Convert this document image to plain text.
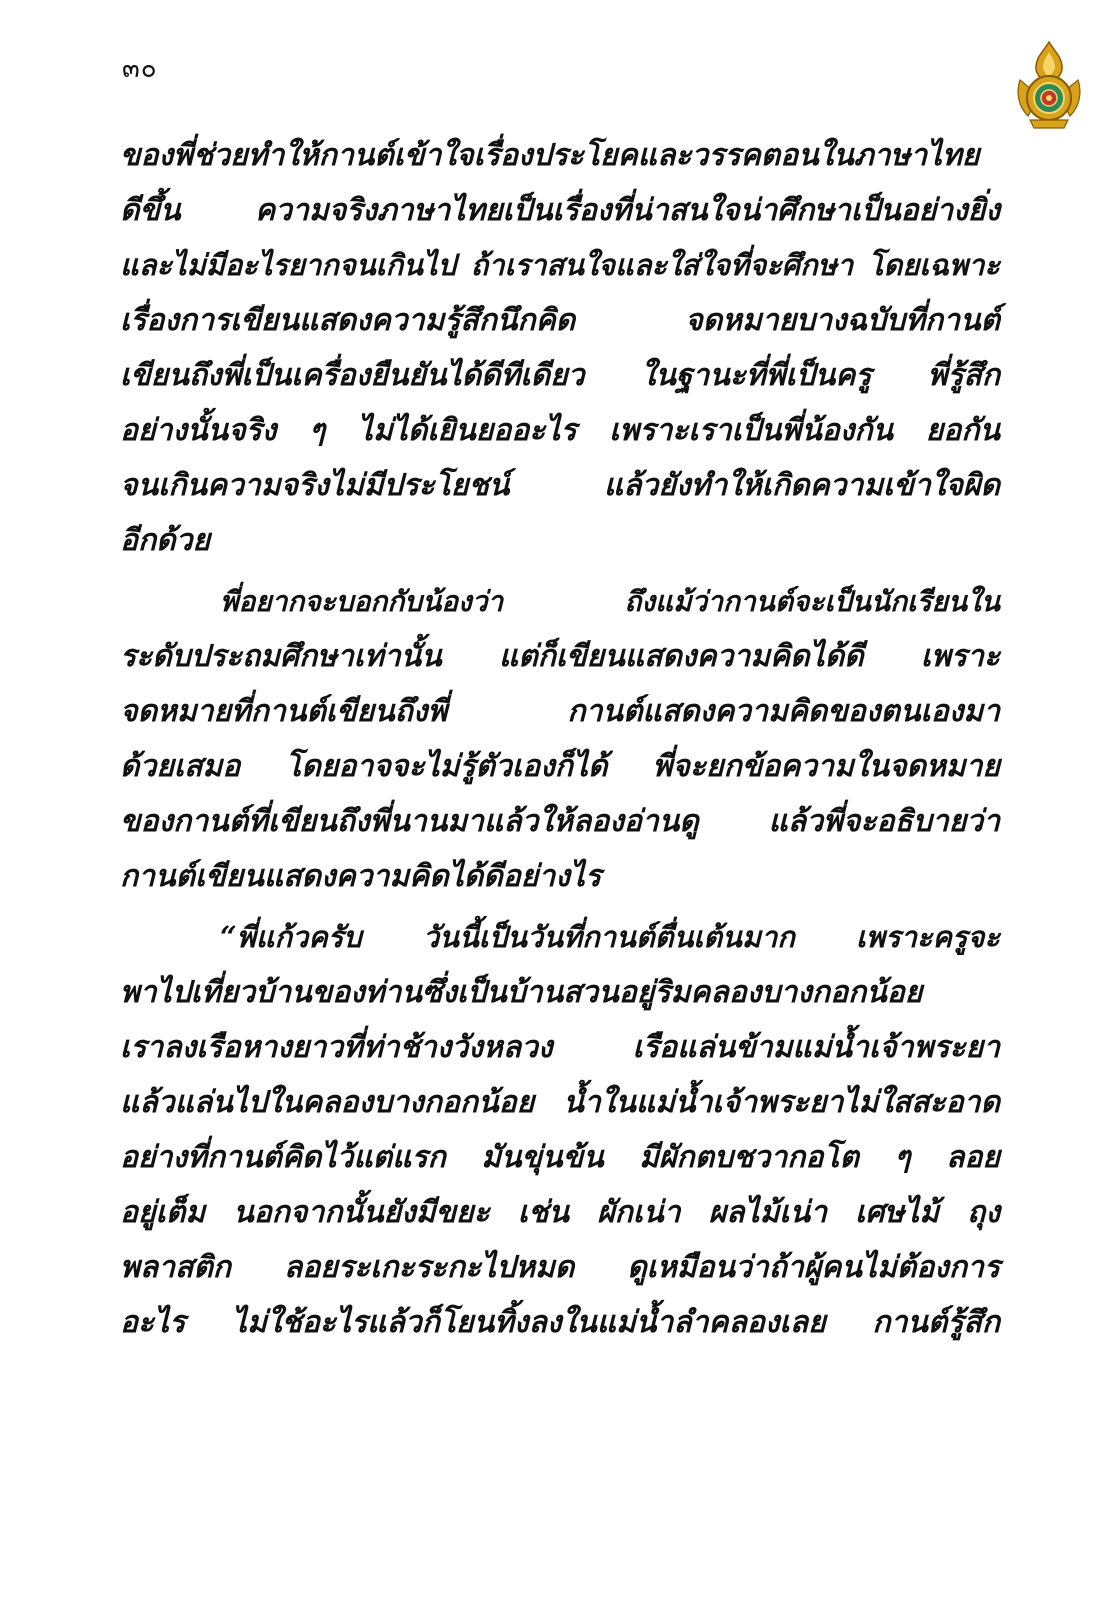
๓๐
ของพี่ช่วยทำให้กานต์เข้าใจเรื่องประโยคและวรรคตอนในภาษาไทย
ดีขึ้น ความจริงภาษาไทยเป็นเรื่องที่น่าสนใจน่าศึกษาเป็นอย่างยิ่ง
และไม่มีอะไรยากจนเกินไป ถ้าเราสนใจและใส่ใจที่จะศึกษา โดยเฉพาะ
เรื่องการเขียนแสดงความรู้สึกนึกคิด จดหมายบางฉบับที่กานต์
เขียนถึงพี่เป็นเครื่องยืนยันได้ดีทีเดียว ในฐานะที่พี่เป็นครู พี่รู้สึก
อย่างนั้นจริง ๆ ไม่ได้เยินยออะไร เพราะเราเป็นพี่น้องกัน ยอกัน
จนเกินความจริงไม่มีประโยชน์ แล้วยังทำให้เกิดความเข้าใจผิด
อีกด้วย
พี่อยากจะบอกกับน้องว่า ถึงแม้ว่ากานต์จะเป็นนักเรียนใน
ระดับประถมศึกษาเท่านั้น แต่ก็เขียนแสดงความคิดได้ดี เพราะ
จดหมายที่กานต์เขียนถึงพี่ กานต์แสดงความคิดของตนเองมา
ด้วยเสมอ โดยอาจจะไม่รู้ตัวเองก็ได้ พี่จะยกข้อความในจดหมาย
ของกานต์ที่เขียนถึงพี่นานมาแล้วให้ลองอ่านดู แล้วพี่จะอธิบายว่า
กานต์เขียนแสดงความคิดได้ดีอย่างไร
“พี่แก้วครับ วันนี้เป็นวันที่กานต์ตื่นเต้นมาก เพราะครูจะ
พาไปเที่ยวบ้านของท่านซึ่งเป็นบ้านสวนอยู่ริมคลองบางกอกน้อย
เราลงเรือหางยาวที่ท่าช้างวังหลวง เรือแล่นข้ามแม่น้ำเจ้าพระยา
แล้วแล่นไปในคลองบางกอกน้อย น้ำในแม่น้ำเจ้าพระยาไม่ใสสะอาด
อย่างที่กานต์คิดไว้แต่แรก มันขุ่นข้น มีผักตบชวากอโต ๆ ลอย
อยู่เต็ม นอกจากนั้นยังมีขยะ เช่น ผักเน่า ผลไม้เน่า เศษไม้ ถุง
พลาสติก ลอยระเกะระกะไปหมด ดูเหมือนว่าถ้าผู้คนไม่ต้องการ
อะไร ไม่ใช้อะไรแล้วก็โยนทิ้งลงในแม่น้ำลำคลองเลย กานต์รู้สึก
